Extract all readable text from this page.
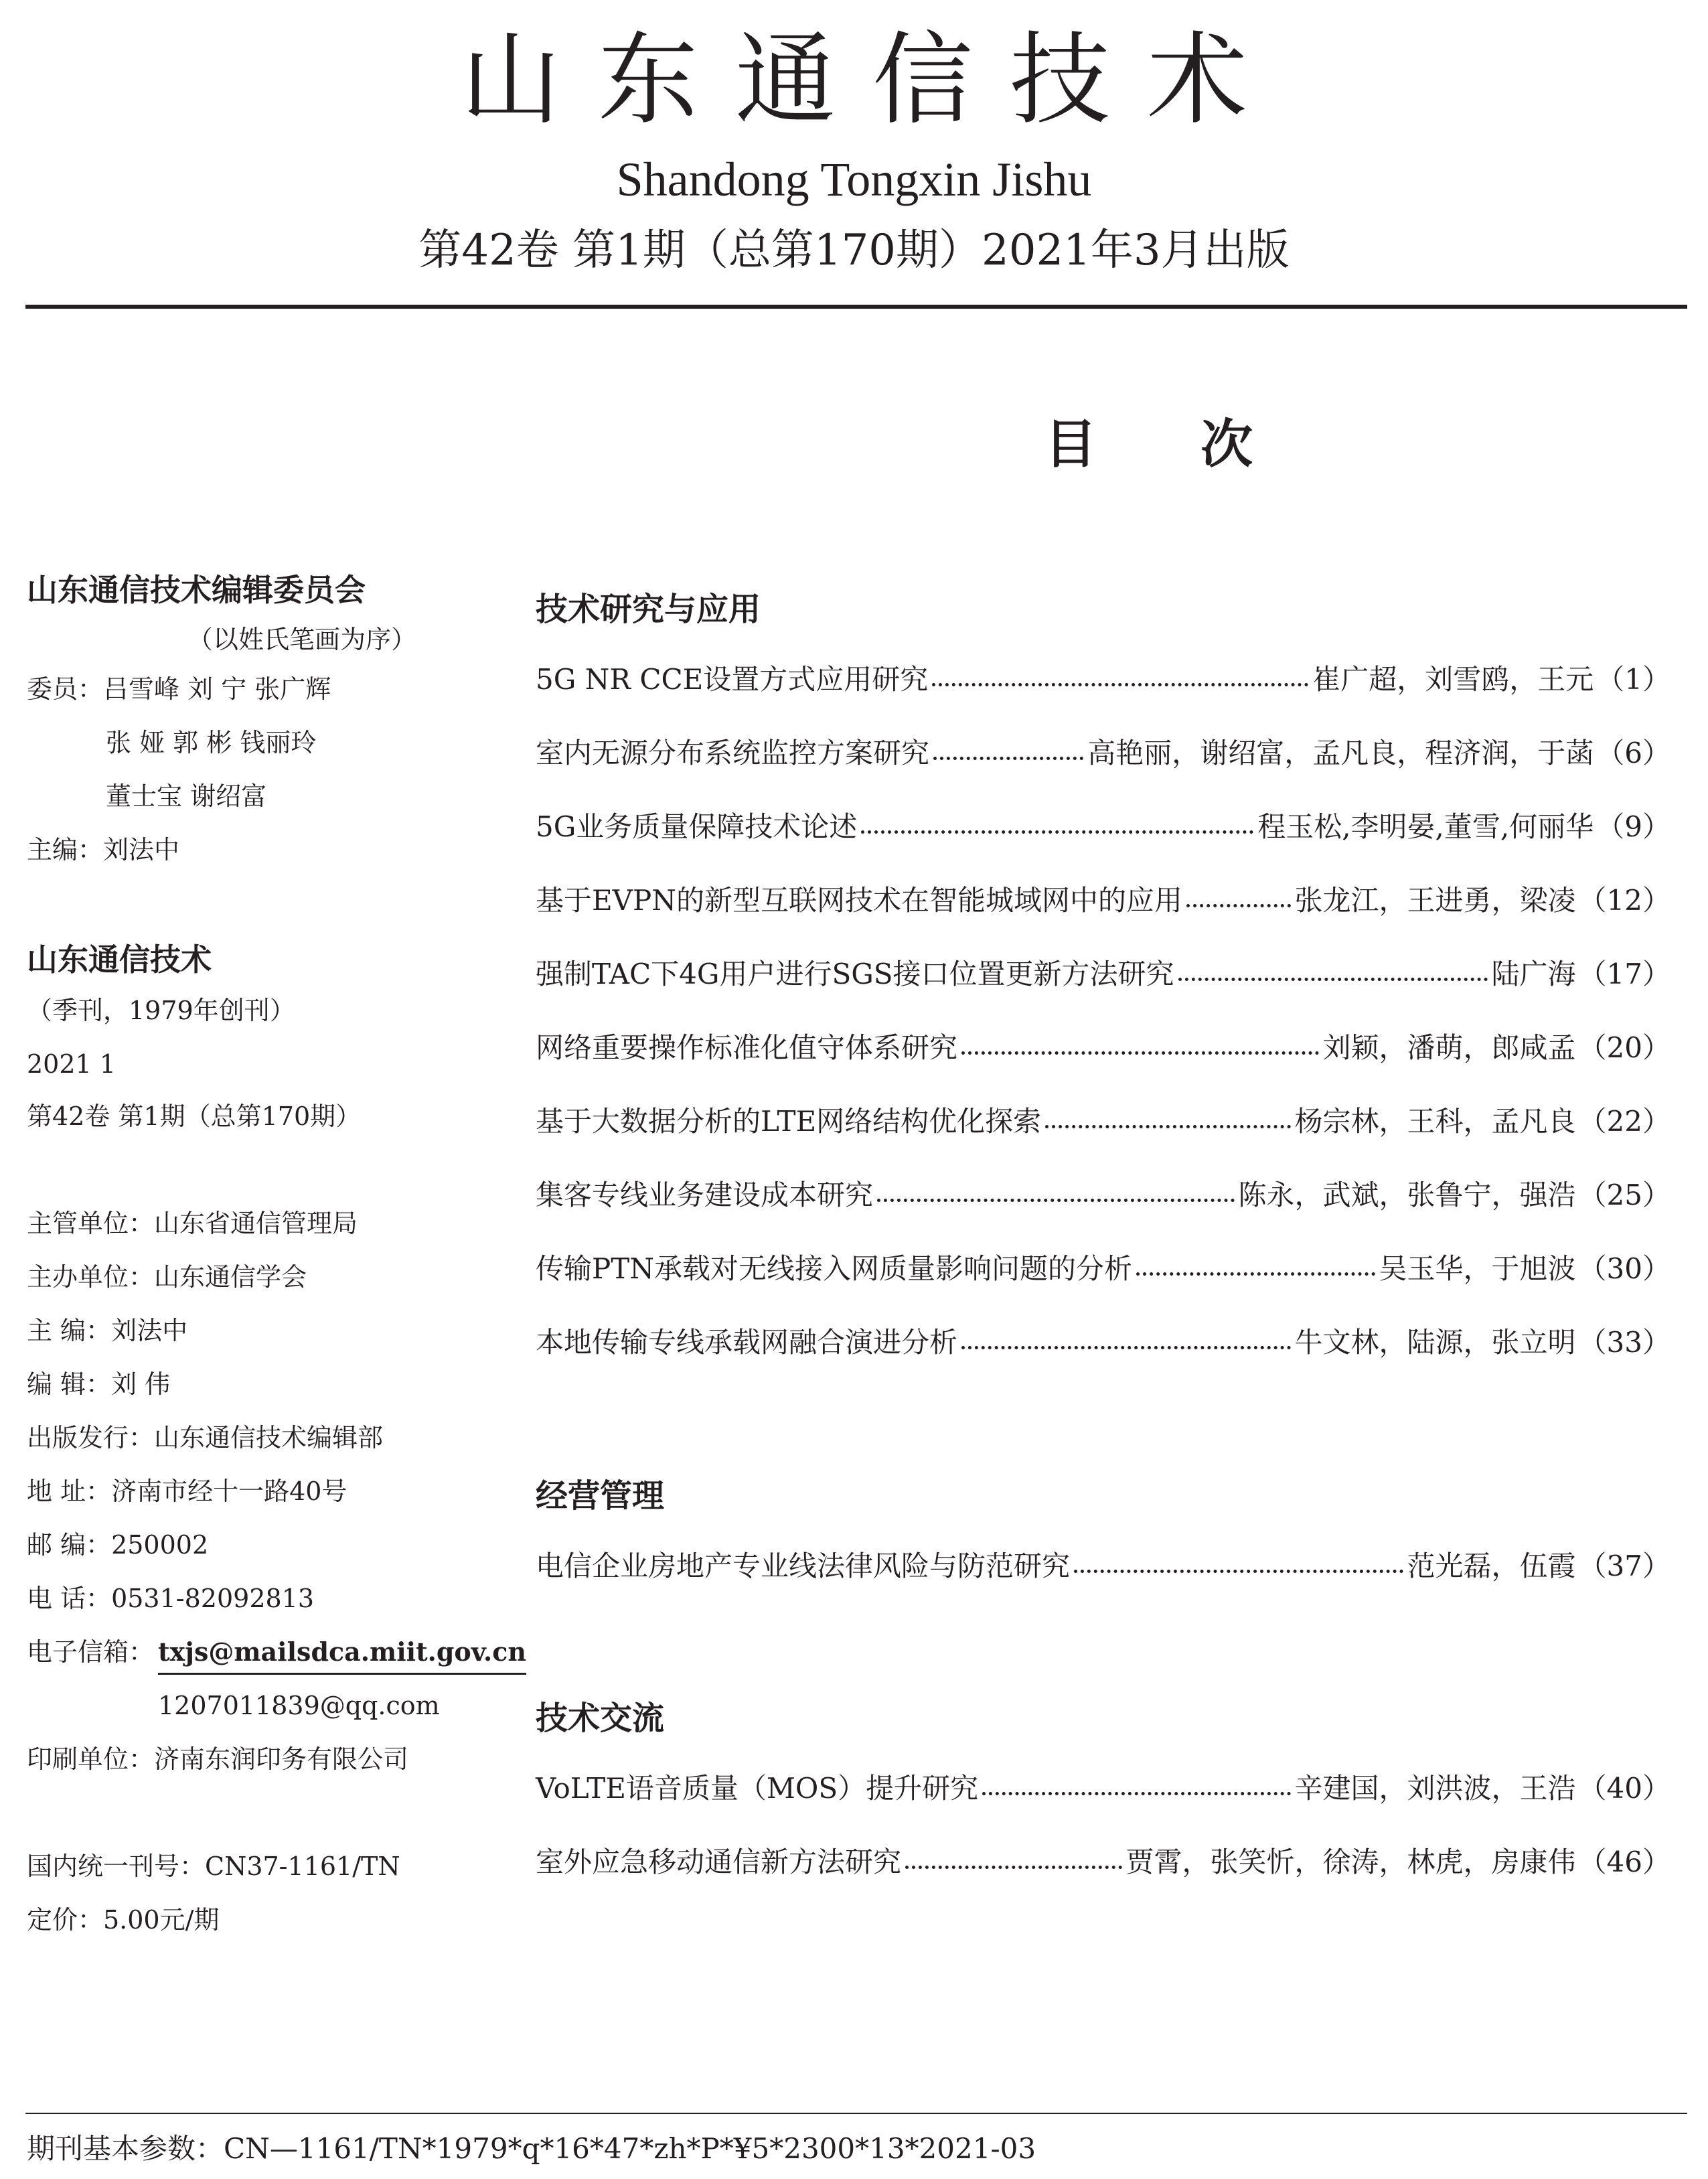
山东通信技术
Shandong Tongxin Jishu
第42卷 第1期（总第170期）2021年3月出版
目 次
山东通信技术编辑委员会
（以姓氏笔画为序）
委员：吕雪峰 刘 宁 张广辉
张 娅 郭 彬 钱丽玲
董士宝 谢绍富
主编：刘法中
山东通信技术
（季刊，1979年创刊）
2021 1
第42卷 第1期（总第170期）
主管单位：山东省通信管理局
主办单位：山东通信学会
主 编：刘法中
编 辑：刘 伟
出版发行：山东通信技术编辑部
地 址：济南市经十一路40号
邮 编：250002
电 话：0531-82092813
电子信箱： txjs@mailsdca.miit.gov.cn
1207011839@qq.com
印刷单位：济南东润印务有限公司
国内统一刊号：CN37-1161/TN
定价：5.00元/期
技术研究与应用
5G NR CCE设置方式应用研究	崔广超，刘雪鸥，王元 （1）
室内无源分布系统监控方案研究	高艳丽，谢绍富，孟凡良，程济润，于菡 （6）
5G业务质量保障技术论述	程玉松,李明晏,董雪,何丽华 （9）
基于EVPN的新型互联网技术在智能城域网中的应用	张龙江，王进勇，梁凌 （12）
强制TAC下4G用户进行SGS接口位置更新方法研究	陆广海 （17）
网络重要操作标准化值守体系研究	刘颖，潘萌，郎咸孟 （20）
基于大数据分析的LTE网络结构优化探索	杨宗林，王科，孟凡良 （22）
集客专线业务建设成本研究	陈永，武斌，张鲁宁，强浩 （25）
传输PTN承载对无线接入网质量影响问题的分析	吴玉华，于旭波 （30）
本地传输专线承载网融合演进分析	牛文林，陆源，张立明 （33）
经营管理
电信企业房地产专业线法律风险与防范研究	范光磊，伍霞 （37）
技术交流
VoLTE语音质量（MOS）提升研究	辛建国，刘洪波，王浩 （40）
室外应急移动通信新方法研究	贾霄，张笑忻，徐涛，林虎，房康伟 （46）
期刊基本参数：CN—1161/TN*1979*q*16*47*zh*P*¥5*2300*13*2021-03
